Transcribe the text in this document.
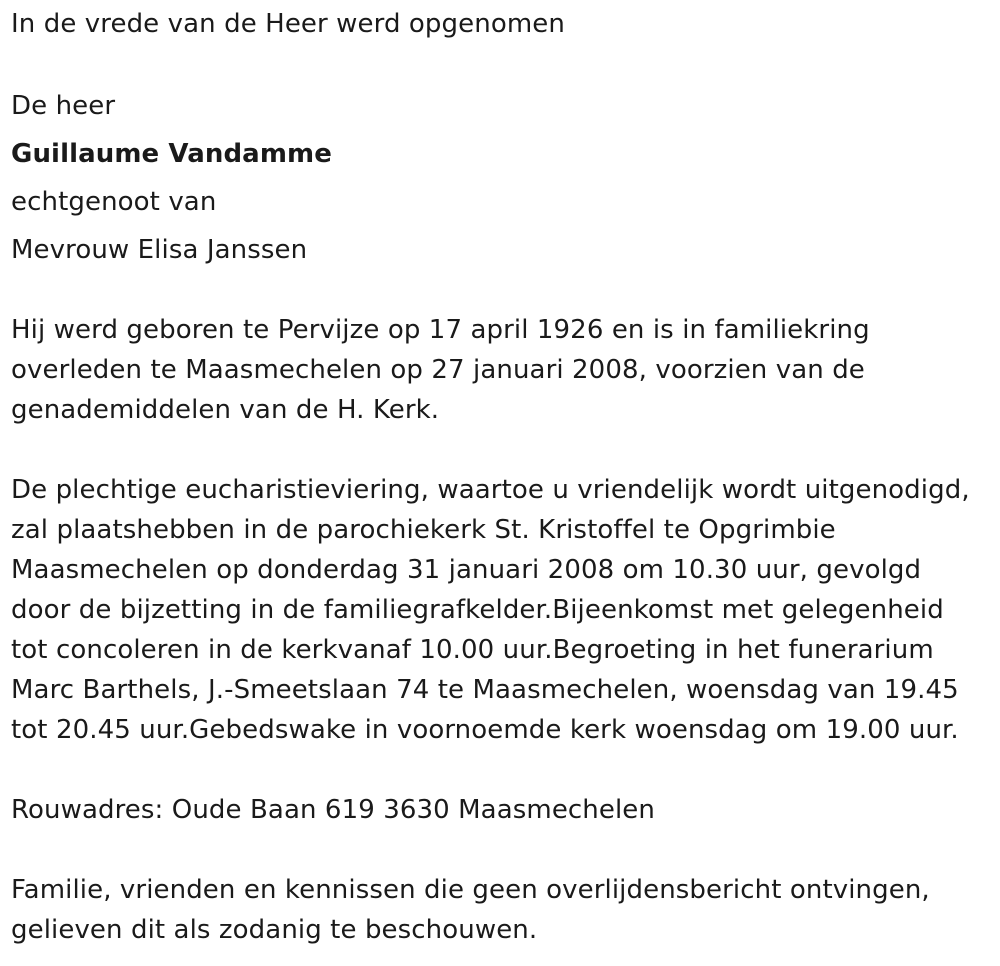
In de vrede van de Heer werd opgenomen
De heer
Guillaume Vandamme
echtgenoot van
Mevrouw Elisa Janssen
Hij werd geboren te Pervijze op 17 april 1926 en is in familiekring
overleden te Maasmechelen op 27 januari 2008, voorzien van de
genademiddelen van de H. Kerk.
De plechtige eucharistieviering, waartoe u vriendelijk wordt uitgenodigd,
zal plaatshebben in de parochiekerk St. Kristoffel te Opgrimbie
Maasmechelen op donderdag 31 januari 2008 om 10.30 uur, gevolgd
door de bijzetting in de familiegrafkelder.Bijeenkomst met gelegenheid
tot concoleren in de kerkvanaf 10.00 uur.Begroeting in het funerarium
Marc Barthels, J.-Smeetslaan 74 te Maasmechelen, woensdag van 19.45
tot 20.45 uur.Gebedswake in voornoemde kerk woensdag om 19.00 uur.
Rouwadres: Oude Baan 619 3630 Maasmechelen
Familie, vrienden en kennissen die geen overlijdensbericht ontvingen,
gelieven dit als zodanig te beschouwen.
